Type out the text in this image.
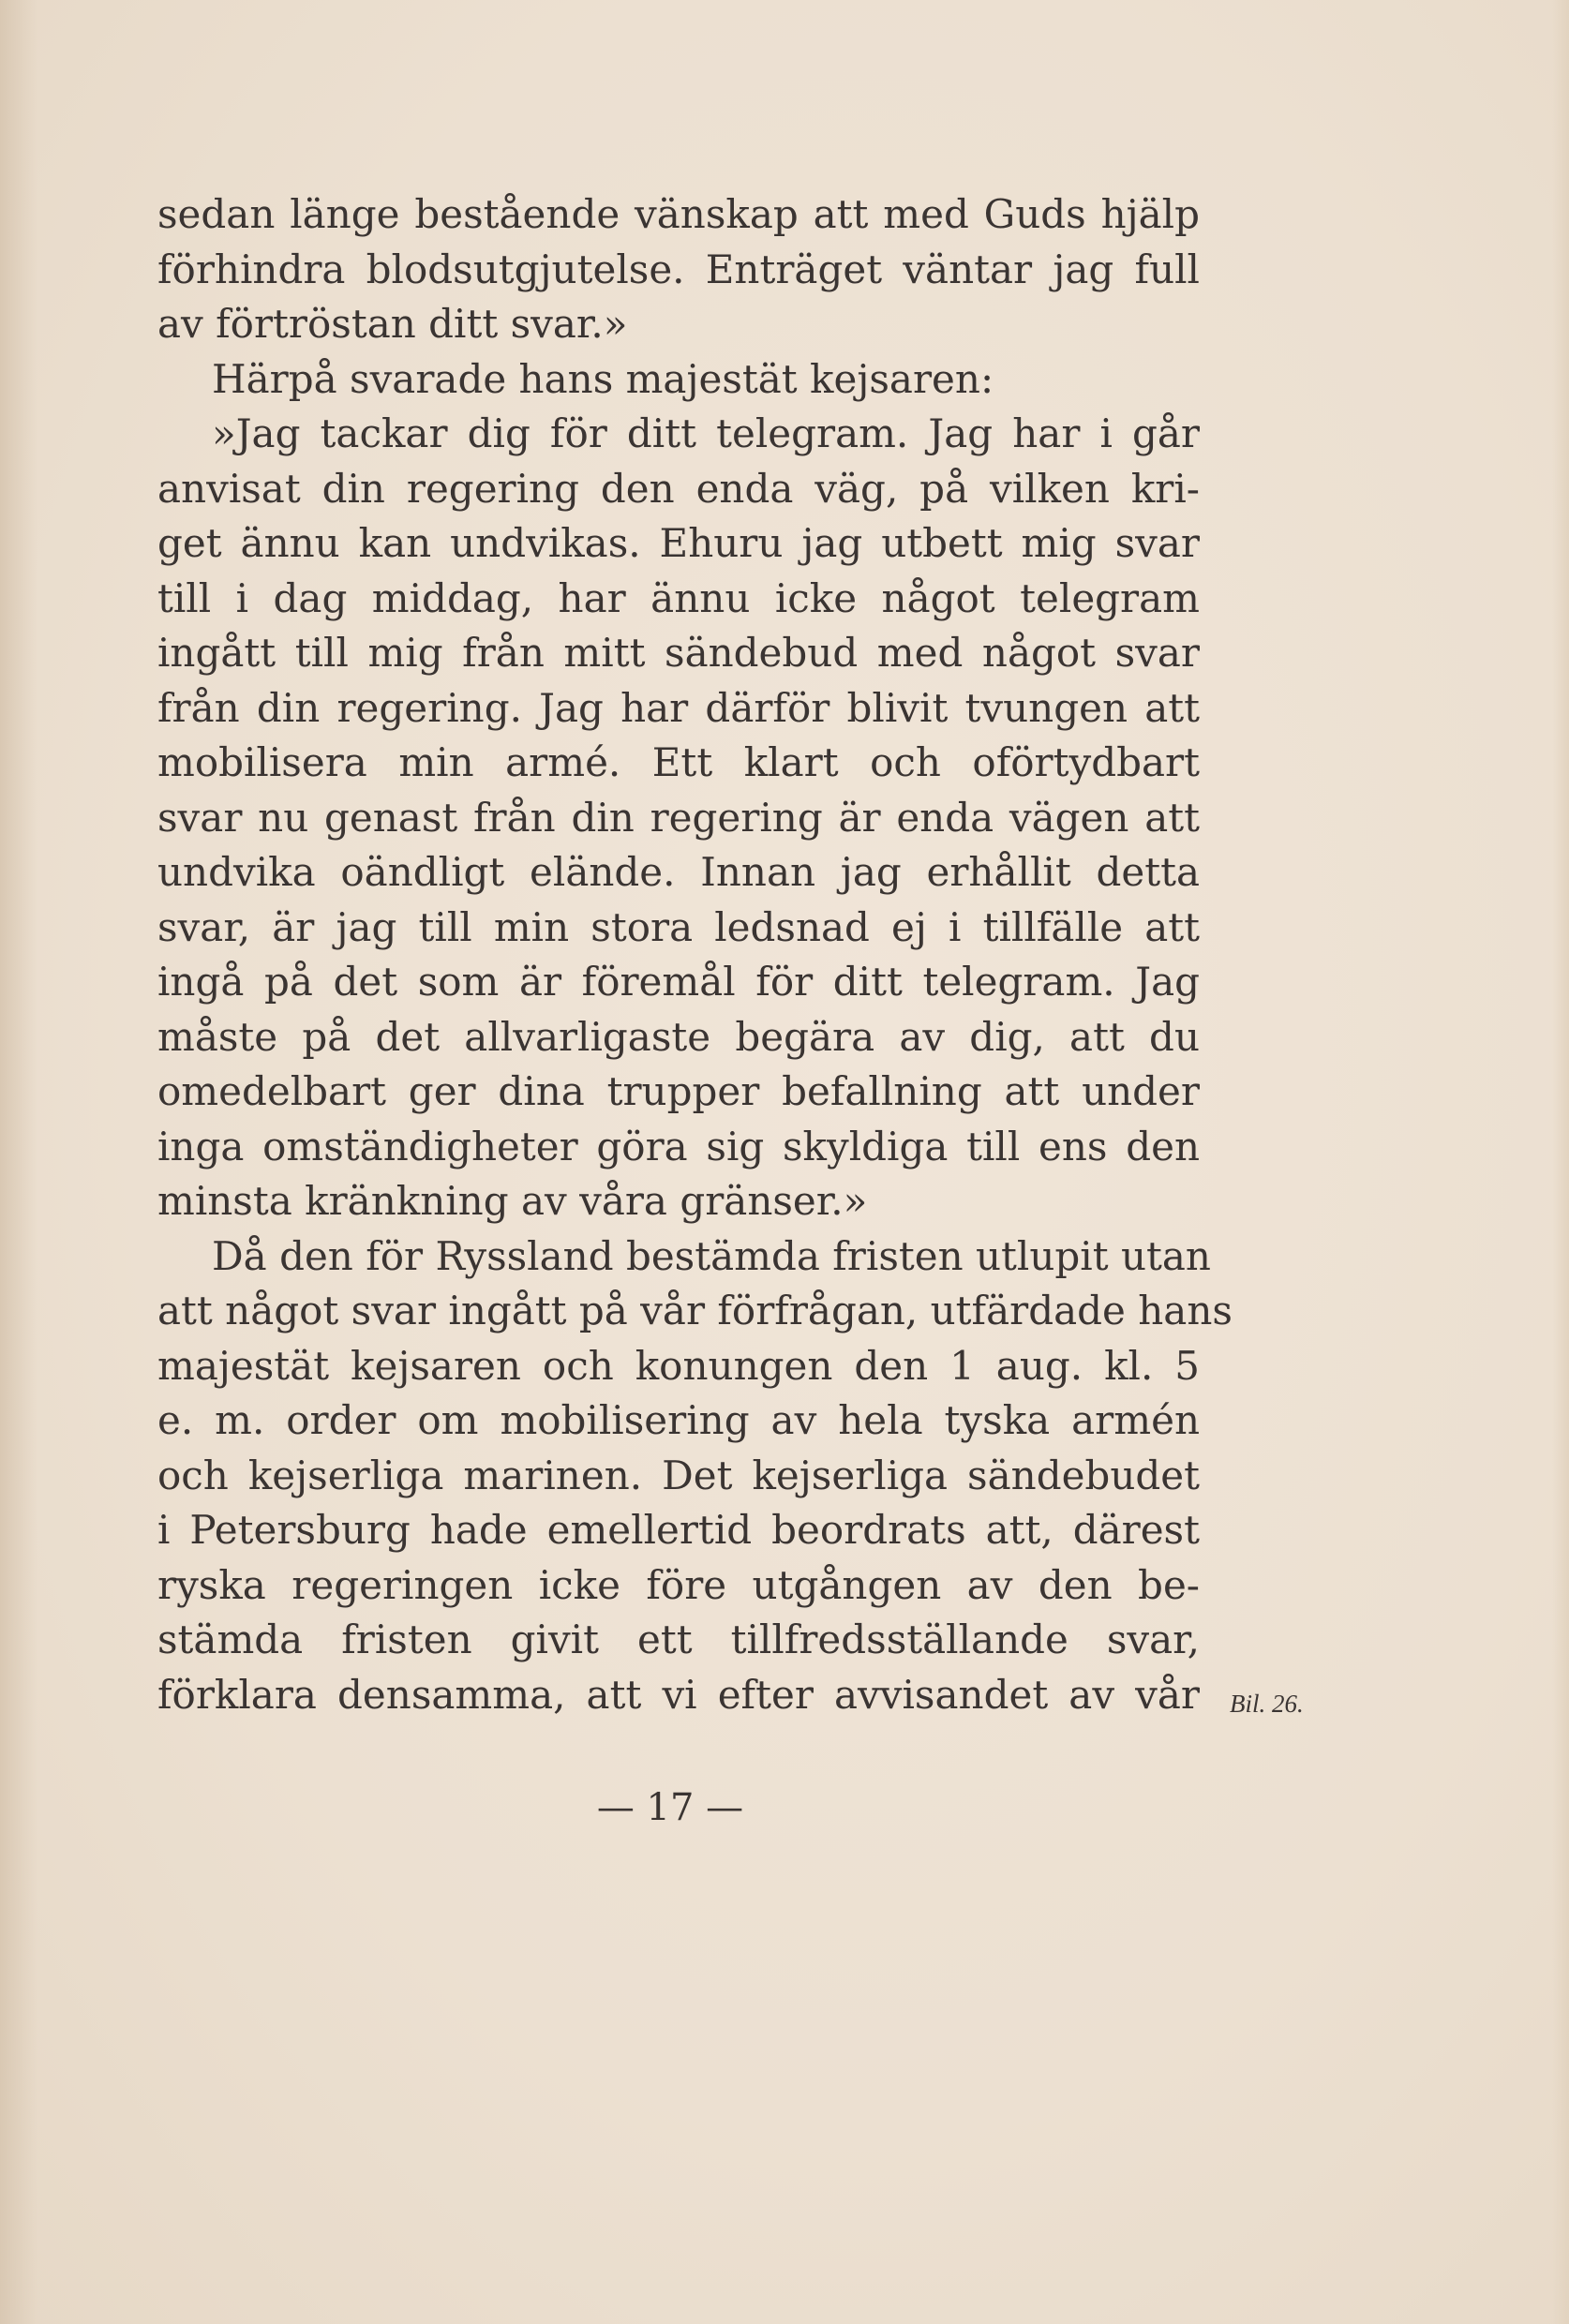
sedan länge bestående vänskap att med Guds hjälp
förhindra blodsutgjutelse. Enträget väntar jag full
av förtröstan ditt svar.»
Härpå svarade hans majestät kejsaren:
»Jag tackar dig för ditt telegram. Jag har i går
anvisat din regering den enda väg, på vilken kri-
get ännu kan undvikas. Ehuru jag utbett mig svar
till i dag middag, har ännu icke något telegram
ingått till mig från mitt sändebud med något svar
från din regering. Jag har därför blivit tvungen att
mobilisera min armé. Ett klart och oförtydbart
svar nu genast från din regering är enda vägen att
undvika oändligt elände. Innan jag erhållit detta
svar, är jag till min stora ledsnad ej i tillfälle att
ingå på det som är föremål för ditt telegram. Jag
måste på det allvarligaste begära av dig, att du
omedelbart ger dina trupper befallning att under
inga omständigheter göra sig skyldiga till ens den
minsta kränkning av våra gränser.»
Då den för Ryssland bestämda fristen utlupit utan
att något svar ingått på vår förfrågan, utfärdade hans
majestät kejsaren och konungen den 1 aug. kl. 5
e. m. order om mobilisering av hela tyska armén
och kejserliga marinen. Det kejserliga sändebudet
i Petersburg hade emellertid beordrats att, därest
ryska regeringen icke före utgången av den be-
stämda fristen givit ett tillfredsställande svar,
förklara densamma, att vi efter avvisandet av vår Bil. 26.
— 17 —
